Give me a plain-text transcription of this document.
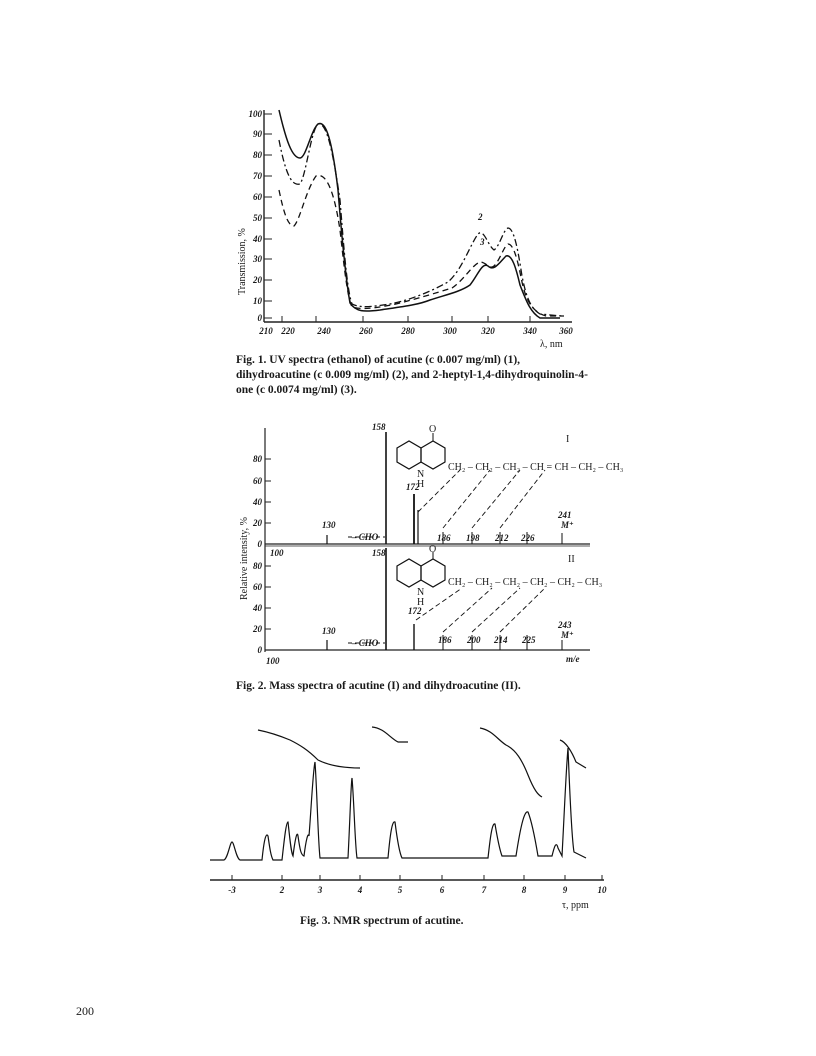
100
90
80
70
60
50
40
30
20
10
0
210 220	240	260	280	300	320	340	360
λ, nm
Transmission, %
2
3
Fig. 1. UV spectra (ethanol) of acutine (c 0.007 mg/ml) (1), dihydroacutine (c 0.009 mg/ml) (2), and 2-heptyl-1,4-dihydroquinolin-4-one (c 0.0074 mg/ml) (3).
Relative intensity, %
80
60
40
20
0
158
– CHO
130
172
186 198 212 226
241
M⁺
O
N
H
CH₂ – CH₂ – CH₂ – CH = CH – CH₂ – CH₃
I
100
80
60
40
20
0
158
– CHO
130
172
186 200 214 225
243
M⁺
O
N
H
CH₂ – CH₂ – CH₂ – CH₂ – CH₂ – CH₃
II
100	m/e
Fig. 2. Mass spectra of acutine (I) and dihydroacutine (II).
-3	2	3	4	5	6	7	8	9	10
τ, ppm
Fig. 3. NMR spectrum of acutine.
200
